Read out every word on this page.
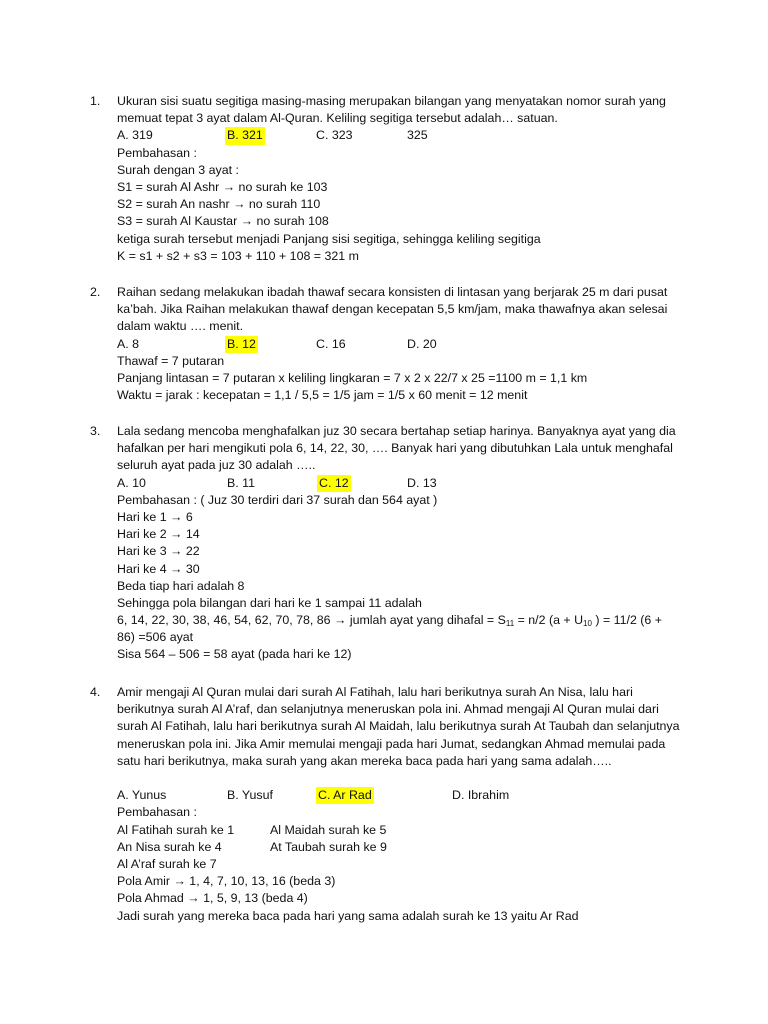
1. Ukuran sisi suatu segitiga masing-masing merupakan bilangan yang menyatakan nomor surah yang memuat tepat 3 ayat dalam Al-Quran. Keliling segitiga tersebut adalah… satuan.
A. 319	B. 321	C. 323	325
Pembahasan :
Surah dengan 3 ayat :
S1 = surah Al Ashr → no surah ke 103
S2 = surah An nashr → no surah 110
S3 = surah Al Kaustar → no surah 108
ketiga surah tersebut menjadi Panjang sisi segitiga, sehingga keliling segitiga
K = s1 + s2 + s3 = 103 + 110 + 108 = 321 m
2. Raihan sedang melakukan ibadah thawaf secara konsisten di lintasan yang berjarak 25 m dari pusat ka’bah. Jika Raihan melakukan thawaf dengan kecepatan 5,5 km/jam, maka thawafnya akan selesai dalam waktu …. menit.
A. 8	B. 12	C. 16	D. 20
Thawaf = 7 putaran
Panjang lintasan = 7 putaran x keliling lingkaran = 7 x 2 x 22/7 x 25 =1100 m = 1,1 km
Waktu = jarak : kecepatan = 1,1 / 5,5 = 1/5 jam = 1/5 x 60 menit = 12 menit
3. Lala sedang mencoba menghafalkan juz 30 secara bertahap setiap harinya. Banyaknya ayat yang dia hafalkan per hari mengikuti pola 6, 14, 22, 30, …. Banyak hari yang dibutuhkan Lala untuk menghafal seluruh ayat pada juz 30 adalah …..
A. 10	B. 11	C. 12	D. 13
Pembahasan : ( Juz 30 terdiri dari 37 surah dan 564 ayat )
Hari ke 1 → 6
Hari ke 2 → 14
Hari ke 3 → 22
Hari ke 4 → 30
Beda tiap hari adalah 8
Sehingga pola bilangan dari hari ke 1 sampai 11 adalah
6, 14, 22, 30, 38, 46, 54, 62, 70, 78, 86 → jumlah ayat yang dihafal = $S_{11} = n/2$ ($a + U_{10}$ ) = 11/2 (6 +
86) =506 ayat
Sisa 564 – 506 = 58 ayat (pada hari ke 12)
4. Amir mengaji Al Quran mulai dari surah Al Fatihah, lalu hari berikutnya surah An Nisa, lalu hari berikutnya surah Al A’raf, dan selanjutnya meneruskan pola ini. Ahmad mengaji Al Quran mulai dari surah Al Fatihah, lalu hari berikutnya surah Al Maidah, lalu berikutnya surah At Taubah dan selanjutnya meneruskan pola ini. Jika Amir memulai mengaji pada hari Jumat, sedangkan Ahmad memulai pada satu hari berikutnya, maka surah yang akan mereka baca pada hari yang sama adalah…..
A. Yunus	B. Yusuf	C. Ar Rad	D. Ibrahim
Pembahasan :
Al Fatihah surah ke 1	Al Maidah surah ke 5
An Nisa surah ke 4	At Taubah surah ke 9
Al A’raf surah ke 7
Pola Amir → 1, 4, 7, 10, 13, 16 (beda 3)
Pola Ahmad → 1, 5, 9, 13 (beda 4)
Jadi surah yang mereka baca pada hari yang sama adalah surah ke 13 yaitu Ar Rad
